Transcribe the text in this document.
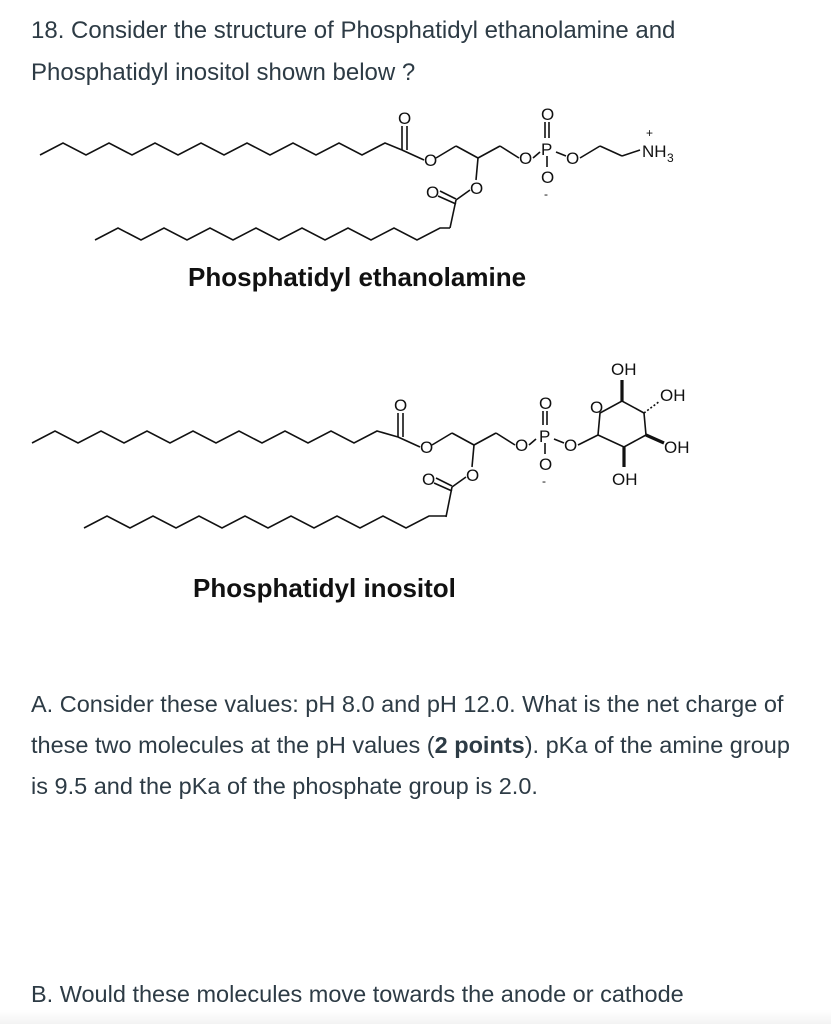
18. Consider the structure of Phosphatidyl ethanolamine and Phosphatidyl inositol shown below ?
O
O
O
O
O
O
P O
O
-
NH 3
+
Phosphatidyl ethanolamine
O
O
O
O
O
O
P O
O
-
O
OH
OH
OH
OH
Phosphatidyl inositol
A. Consider these values: pH 8.0 and pH 12.0. What is the net charge of these two molecules at the pH values (2 points). pKa of the amine group is 9.5 and the pKa of the phosphate group is 2.0.
B. Would these molecules move towards the anode or cathode
